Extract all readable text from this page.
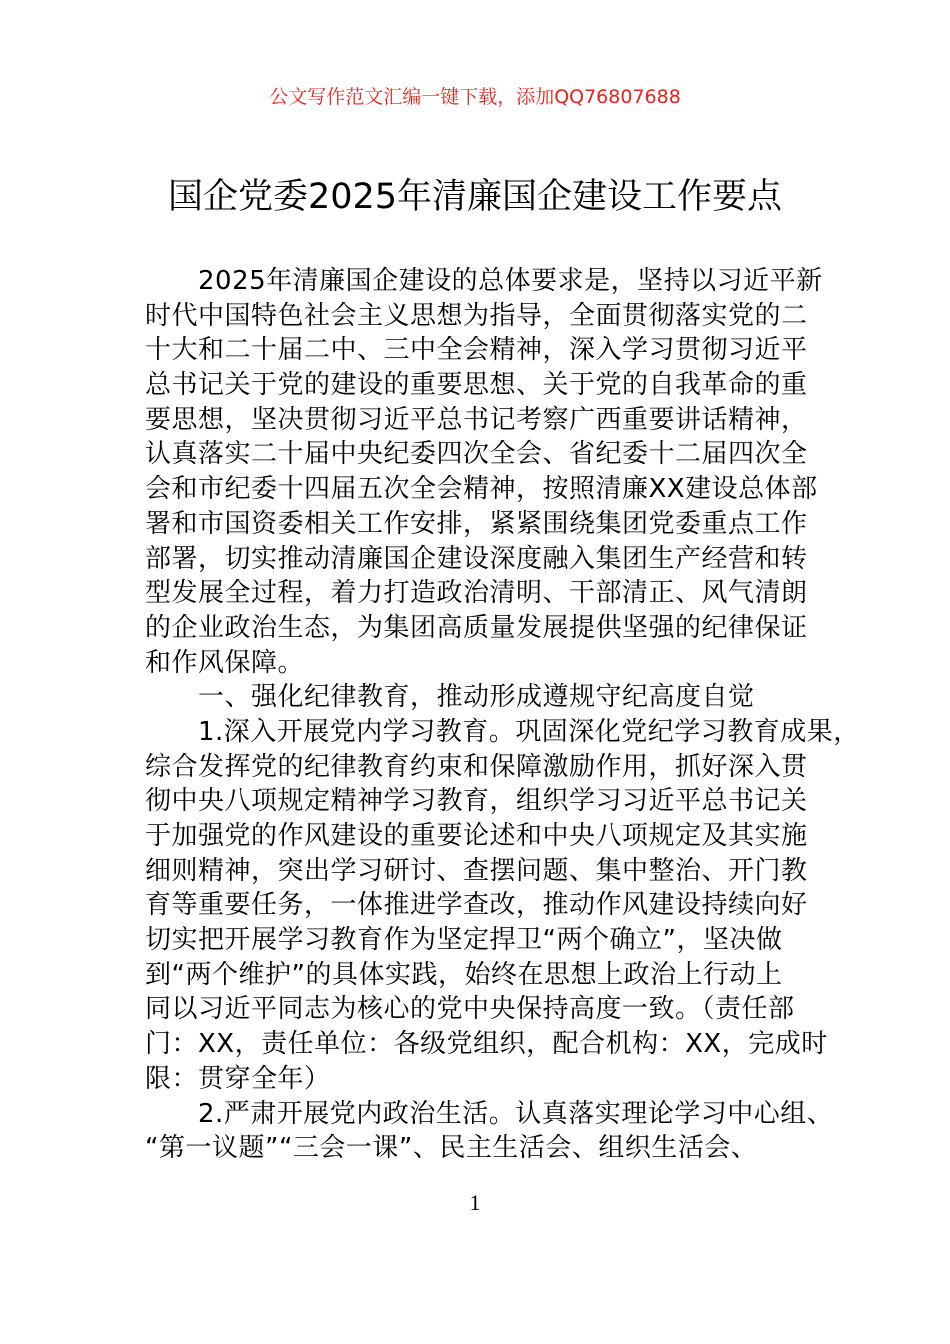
公文写作范文汇编一键下载，添加QQ76807688
国企党委2025年清廉国企建设工作要点
　　2025年清廉国企建设的总体要求是，坚持以习近平新
时代中国特色社会主义思想为指导，全面贯彻落实党的二
十大和二十届二中、三中全会精神，深入学习贯彻习近平
总书记关于党的建设的重要思想、关于党的自我革命的重
要思想，坚决贯彻习近平总书记考察广西重要讲话精神，
认真落实二十届中央纪委四次全会、省纪委十二届四次全
会和市纪委十四届五次全会精神，按照清廉XX建设总体部
署和市国资委相关工作安排，紧紧围绕集团党委重点工作
部署，切实推动清廉国企建设深度融入集团生产经营和转
型发展全过程，着力打造政治清明、干部清正、风气清朗
的企业政治生态，为集团高质量发展提供坚强的纪律保证
和作风保障。
　　一、强化纪律教育，推动形成遵规守纪高度自觉
　　1.深入开展党内学习教育。巩固深化党纪学习教育成果，
综合发挥党的纪律教育约束和保障激励作用，抓好深入贯
彻中央八项规定精神学习教育，组织学习习近平总书记关
于加强党的作风建设的重要论述和中央八项规定及其实施
细则精神，突出学习研讨、查摆问题、集中整治、开门教
育等重要任务，一体推进学查改，推动作风建设持续向好
切实把开展学习教育作为坚定捍卫“两个确立”，坚决做
到“两个维护”的具体实践，始终在思想上政治上行动上
同以习近平同志为核心的党中央保持高度一致。（责任部
门：XX，责任单位：各级党组织，配合机构：XX，完成时
限：贯穿全年）
　　2.严肃开展党内政治生活。认真落实理论学习中心组、
“第一议题”“三会一课”、民主生活会、组织生活会、
1
